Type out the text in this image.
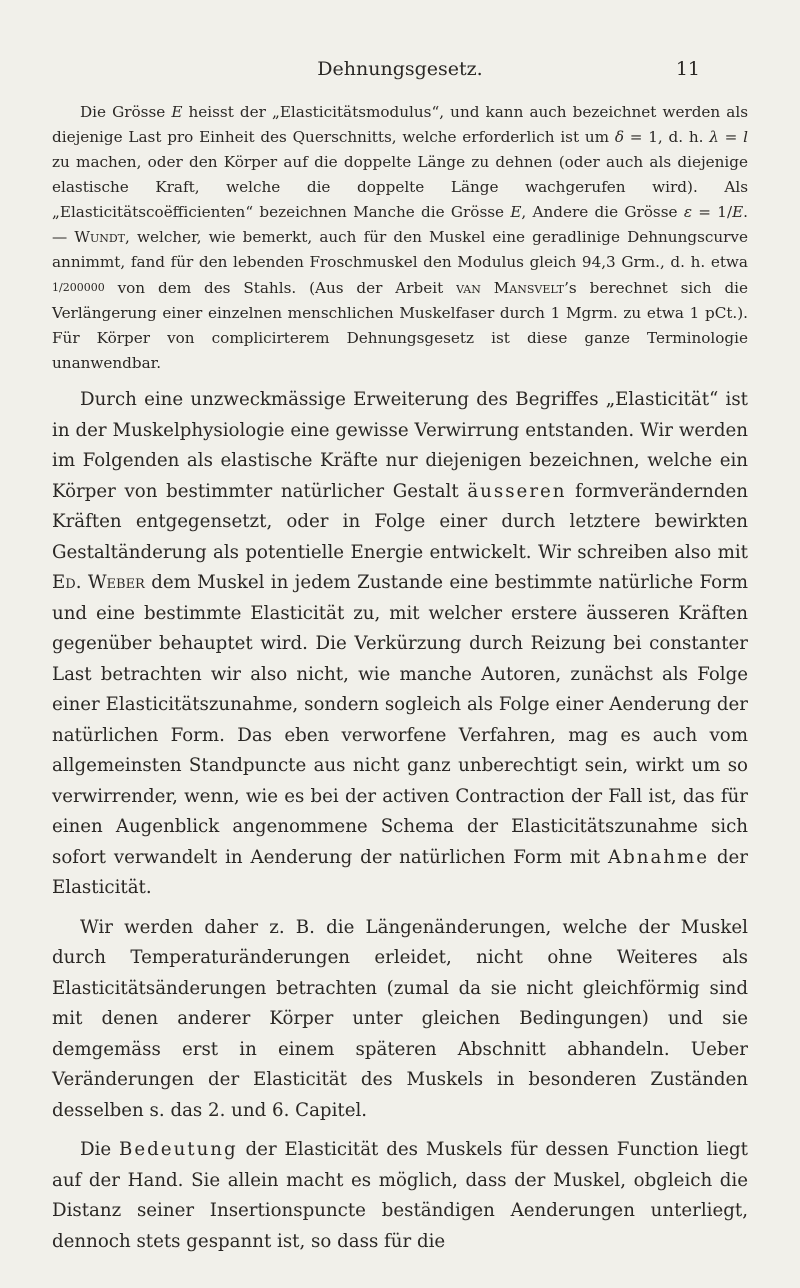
Dehnungsgesetz.	11

Die Grösse E heisst der „Elasticitätsmodulus“, und kann auch bezeichnet werden als diejenige Last pro Einheit des Querschnitts, welche erforderlich ist um δ = 1, d. h. λ = l zu machen, oder den Körper auf die doppelte Länge zu dehnen (oder auch als diejenige elastische Kraft, welche die doppelte Länge wachgerufen wird). Als „Elasticitätscoëfficienten“ bezeichnen Manche die Grösse E, Andere die Grösse ε = 1/E. — Wundt, welcher, wie bemerkt, auch für den Muskel eine geradlinige Dehnungscurve annimmt, fand für den lebenden Froschmuskel den Modulus gleich 94,3 Grm., d. h. etwa 1/200000 von dem des Stahls. (Aus der Arbeit van Mansvelt’s berechnet sich die Verlängerung einer einzelnen menschlichen Muskelfaser durch 1 Mgrm. zu etwa 1 pCt.). Für Körper von complicirterem Dehnungsgesetz ist diese ganze Terminologie unanwendbar.

Durch eine unzweckmässige Erweiterung des Begriffes „Elasticität“ ist in der Muskelphysiologie eine gewisse Verwirrung entstanden. Wir werden im Folgenden als elastische Kräfte nur diejenigen bezeichnen, welche ein Körper von bestimmter natürlicher Gestalt äusseren formverändernden Kräften entgegensetzt, oder in Folge einer durch letztere bewirkten Gestaltänderung als potentielle Energie entwickelt. Wir schreiben also mit Ed. Weber dem Muskel in jedem Zustande eine bestimmte natürliche Form und eine bestimmte Elasticität zu, mit welcher erstere äusseren Kräften gegenüber behauptet wird. Die Verkürzung durch Reizung bei constanter Last betrachten wir also nicht, wie manche Autoren, zunächst als Folge einer Elasticitätszunahme, sondern sogleich als Folge einer Aenderung der natürlichen Form. Das eben verworfene Verfahren, mag es auch vom allgemeinsten Standpuncte aus nicht ganz unberechtigt sein, wirkt um so verwirrender, wenn, wie es bei der activen Contraction der Fall ist, das für einen Augenblick angenommene Schema der Elasticitätszunahme sich sofort verwandelt in Aenderung der natürlichen Form mit Abnahme der Elasticität.

Wir werden daher z. B. die Längenänderungen, welche der Muskel durch Temperaturänderungen erleidet, nicht ohne Weiteres als Elasticitätsänderungen betrachten (zumal da sie nicht gleichförmig sind mit denen anderer Körper unter gleichen Bedingungen) und sie demgemäss erst in einem späteren Abschnitt abhandeln. Ueber Veränderungen der Elasticität des Muskels in besonderen Zuständen desselben s. das 2. und 6. Capitel.

Die Bedeutung der Elasticität des Muskels für dessen Function liegt auf der Hand. Sie allein macht es möglich, dass der Muskel, obgleich die Distanz seiner Insertionspuncte beständigen Aenderungen unterliegt, dennoch stets gespannt ist, so dass für die
